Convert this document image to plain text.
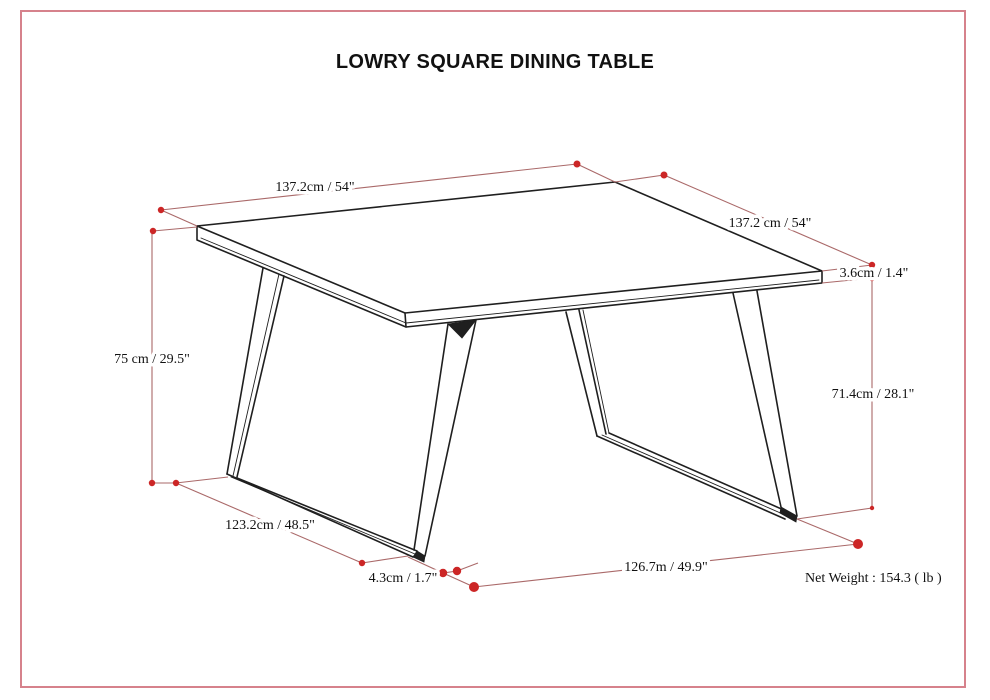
LOWRY SQUARE DINING TABLE
137.2cm / 54"
137.2 cm / 54"
3.6cm / 1.4"
75 cm / 29.5"
71.4cm / 28.1"
123.2cm / 48.5"
4.3cm / 1.7"
126.7m / 49.9"
Net Weight : 154.3 ( lb )
